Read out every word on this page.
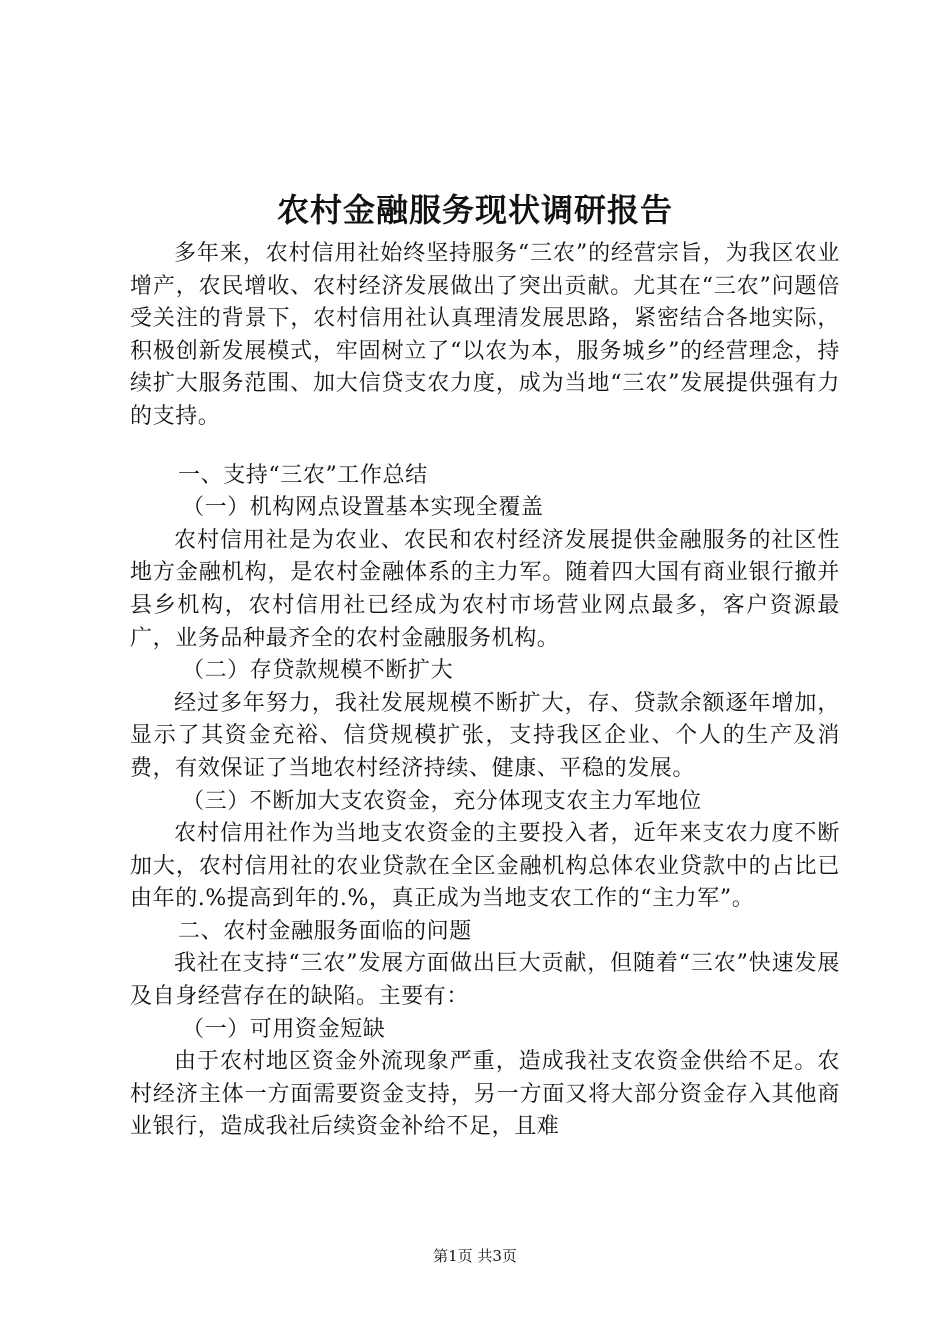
农村金融服务现状调研报告

多年来，农村信用社始终坚持服务“三农”的经营宗旨，为我区农业增产，农民增收、农村经济发展做出了突出贡献。尤其在“三农”问题倍受关注的背景下，农村信用社认真理清发展思路，紧密结合各地实际，积极创新发展模式，牢固树立了“以农为本，服务城乡”的经营理念，持续扩大服务范围、加大信贷支农力度，成为当地“三农”发展提供强有力的支持。

一、支持“三农”工作总结

（一）机构网点设置基本实现全覆盖

农村信用社是为农业、农民和农村经济发展提供金融服务的社区性地方金融机构，是农村金融体系的主力军。随着四大国有商业银行撤并县乡机构，农村信用社已经成为农村市场营业网点最多，客户资源最广，业务品种最齐全的农村金融服务机构。

（二）存贷款规模不断扩大

经过多年努力，我社发展规模不断扩大，存、贷款余额逐年增加，显示了其资金充裕、信贷规模扩张，支持我区企业、个人的生产及消费，有效保证了当地农村经济持续、健康、平稳的发展。

（三）不断加大支农资金，充分体现支农主力军地位

农村信用社作为当地支农资金的主要投入者，近年来支农力度不断加大，农村信用社的农业贷款在全区金融机构总体农业贷款中的占比已由年的.%提高到年的.%，真正成为当地支农工作的“主力军”。

二、农村金融服务面临的问题

我社在支持“三农”发展方面做出巨大贡献，但随着“三农”快速发展及自身经营存在的缺陷。主要有：

（一）可用资金短缺

由于农村地区资金外流现象严重，造成我社支农资金供给不足。农村经济主体一方面需要资金支持，另一方面又将大部分资金存入其他商业银行，造成我社后续资金补给不足，且难

第1页 共3页
